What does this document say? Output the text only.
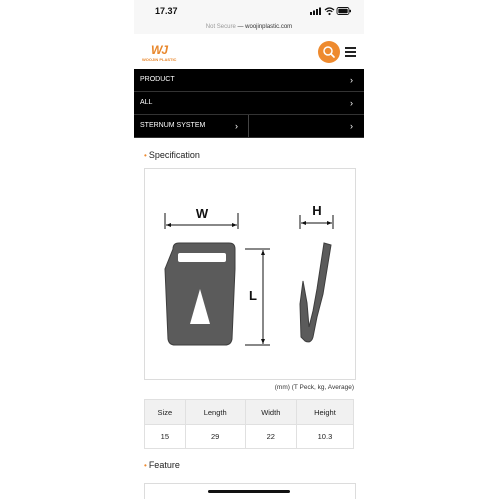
17.37
Not Secure — woojinplastic.com
WJ
WOOJIN PLASTIC
PRODUCT	›
ALL	›
STERNUM SYSTEM	›	›
• Specification
W
L
H
(mm) (T Peck, kg, Average)
Size	Length	Width	Height
15	29	22	10.3
• Feature
